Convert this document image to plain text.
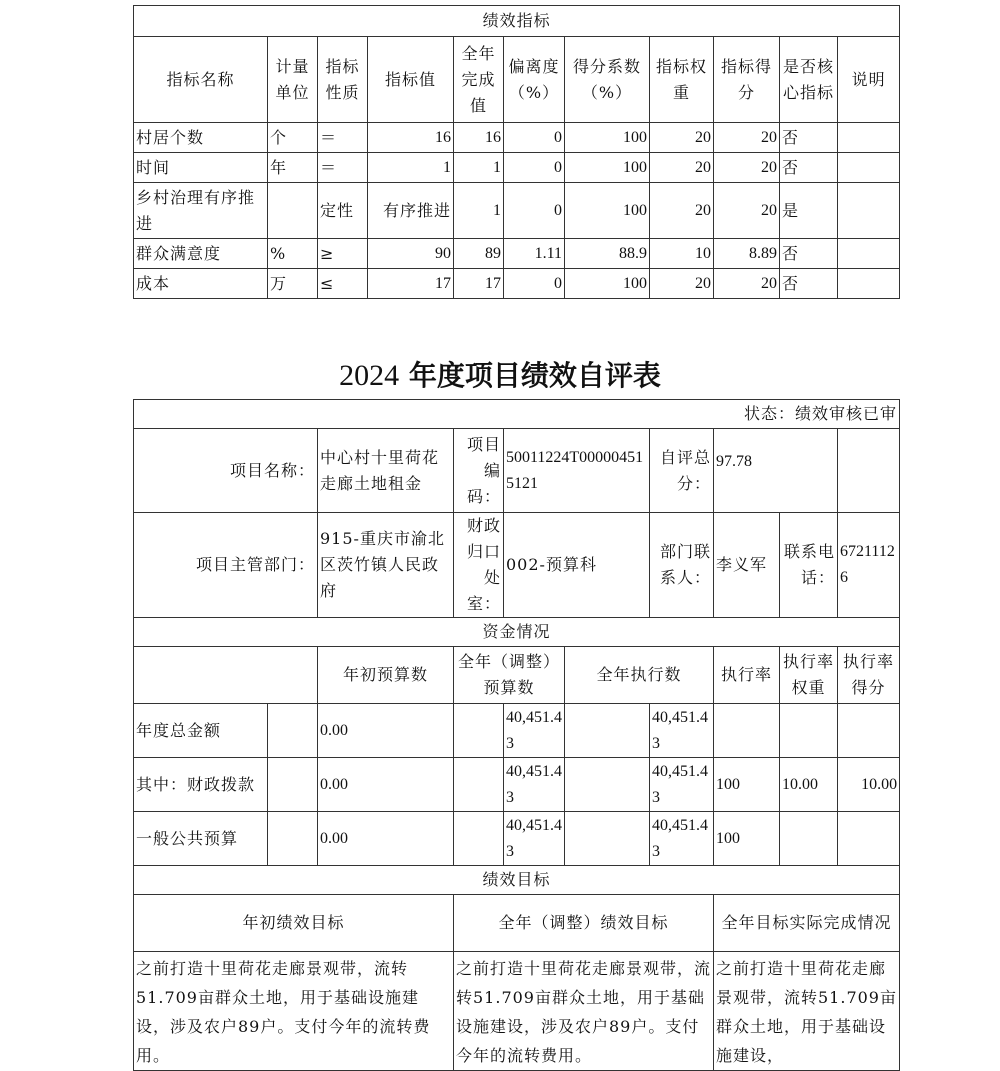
绩效指标										
指标名称	计量单位	指标性质	指标值	全年完成值	偏离度（%）	得分系数（%）	指标权重	指标得分	是否核心指标	说明
村居个数	个	＝	16	16	0	100	20	20	否	
时间	年	＝	1	1	0	100	20	20	否	
乡村治理有序推进		定性	有序推进	1	0	100	20	20	是	
群众满意度	%	≥	90	89	1.11	88.9	10	8.89	否	
成本	万	≤	17	17	0	100	20	20	否	
2024 年度项目绩效自评表
状态：绩效审核已审									
项目名称：		中心村十里荷花走廊土地租金	项目编码：	50011224T000004515121		自评总分：	97.78		
项目主管部门：		915-重庆市渝北区茨竹镇人民政府	财政归口处室：	002-预算科		部门联系人：	李义军	联系电话：	67211126
资金情况									
		年初预算数	全年（调整）预算数		全年执行数		执行率	执行率权重	执行率得分
年度总金额		0.00		40,451.43		40,451.43			
其中：财政拨款		0.00		40,451.43		40,451.43	100	10.00	10.00
一般公共预算		0.00		40,451.43		40,451.43	100		
绩效目标									
年初绩效目标			全年（调整）绩效目标				全年目标实际完成情况		
之前打造十里荷花走廊景观带，流转51.709亩群众土地，用于基础设施建设，涉及农户89户。支付今年的流转费用。			之前打造十里荷花走廊景观带，流转51.709亩群众土地，用于基础设施建设，涉及农户89户。支付今年的流转费用。				之前打造十里荷花走廊景观带，流转51.709亩群众土地，用于基础设施建设，		
